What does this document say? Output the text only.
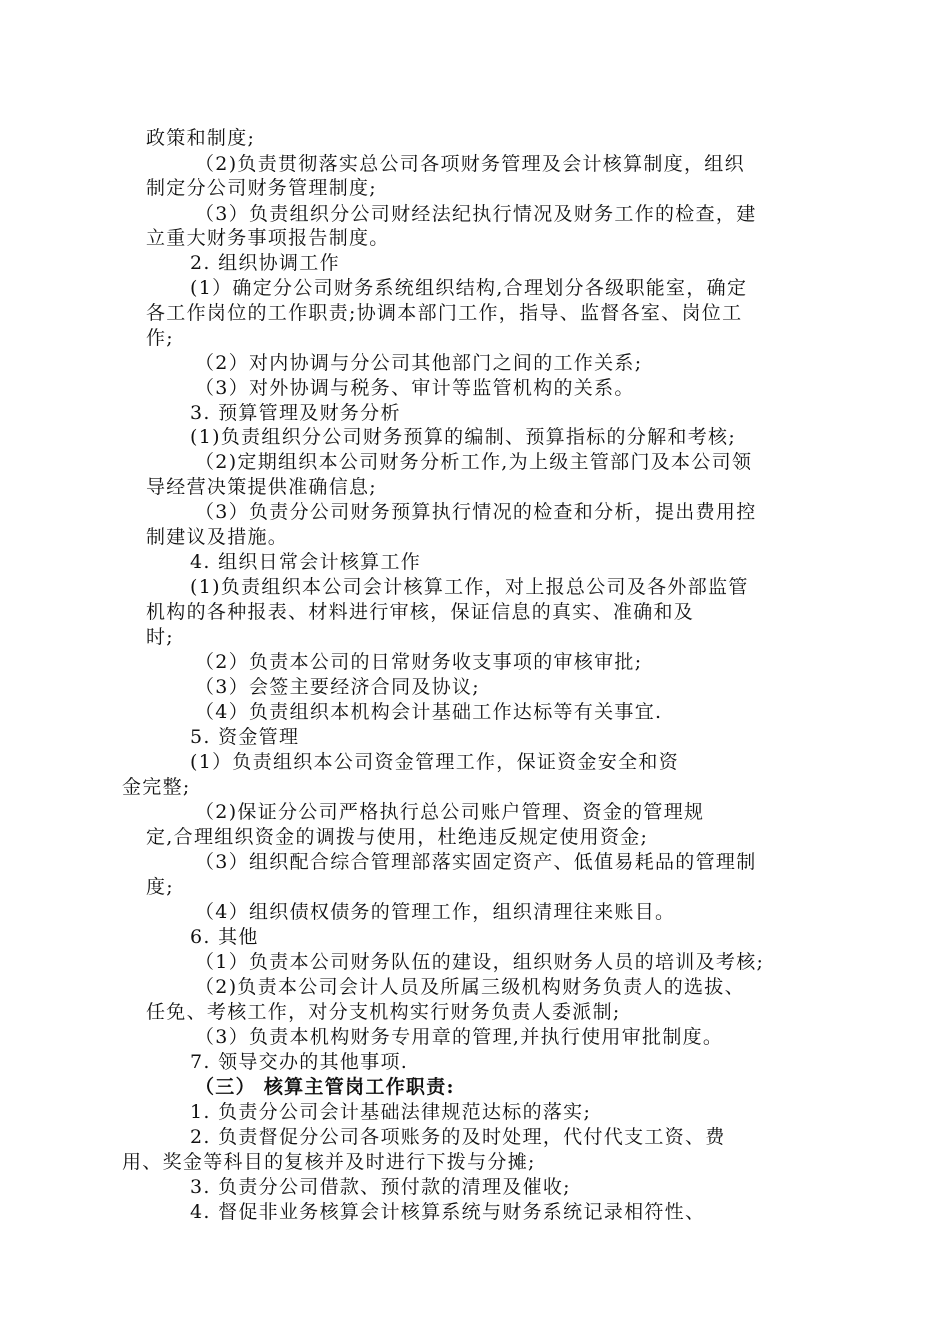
政策和制度;
（2)负责贯彻落实总公司各项财务管理及会计核算制度，组织
制定分公司财务管理制度;
（3）负责组织分公司财经法纪执行情况及财务工作的检查，建
立重大财务事项报告制度。
2. 组织协调工作
(1）确定分公司财务系统组织结构,合理划分各级职能室，确定
各工作岗位的工作职责;协调本部门工作，指导、监督各室、岗位工
作;
（2）对内协调与分公司其他部门之间的工作关系;
（3）对外协调与税务、审计等监管机构的关系。
3. 预算管理及财务分析
(1)负责组织分公司财务预算的编制、预算指标的分解和考核;
（2)定期组织本公司财务分析工作,为上级主管部门及本公司领
导经营决策提供准确信息;
（3）负责分公司财务预算执行情况的检查和分析，提出费用控
制建议及措施。
4. 组织日常会计核算工作
(1)负责组织本公司会计核算工作，对上报总公司及各外部监管
机构的各种报表、材料进行审核，保证信息的真实、准确和及
时;
（2）负责本公司的日常财务收支事项的审核审批;
（3）会签主要经济合同及协议;
（4）负责组织本机构会计基础工作达标等有关事宜.
5. 资金管理
(1）负责组织本公司资金管理工作，保证资金安全和资
金完整;
（2)保证分公司严格执行总公司账户管理、资金的管理规
定,合理组织资金的调拨与使用，杜绝违反规定使用资金;
（3）组织配合综合管理部落实固定资产、低值易耗品的管理制
度;
（4）组织债权债务的管理工作，组织清理往来账目。
6. 其他
（1）负责本公司财务队伍的建设，组织财务人员的培训及考核;
（2)负责本公司会计人员及所属三级机构财务负责人的选拔、
任免、考核工作，对分支机构实行财务负责人委派制;
（3）负责本机构财务专用章的管理,并执行使用审批制度。
7. 领导交办的其他事项.
（三） 核算主管岗工作职责:
1. 负责分公司会计基础法律规范达标的落实;
2. 负责督促分公司各项账务的及时处理，代付代支工资、费
用、奖金等科目的复核并及时进行下拨与分摊;
3. 负责分公司借款、预付款的清理及催收;
4. 督促非业务核算会计核算系统与财务系统记录相符性、
